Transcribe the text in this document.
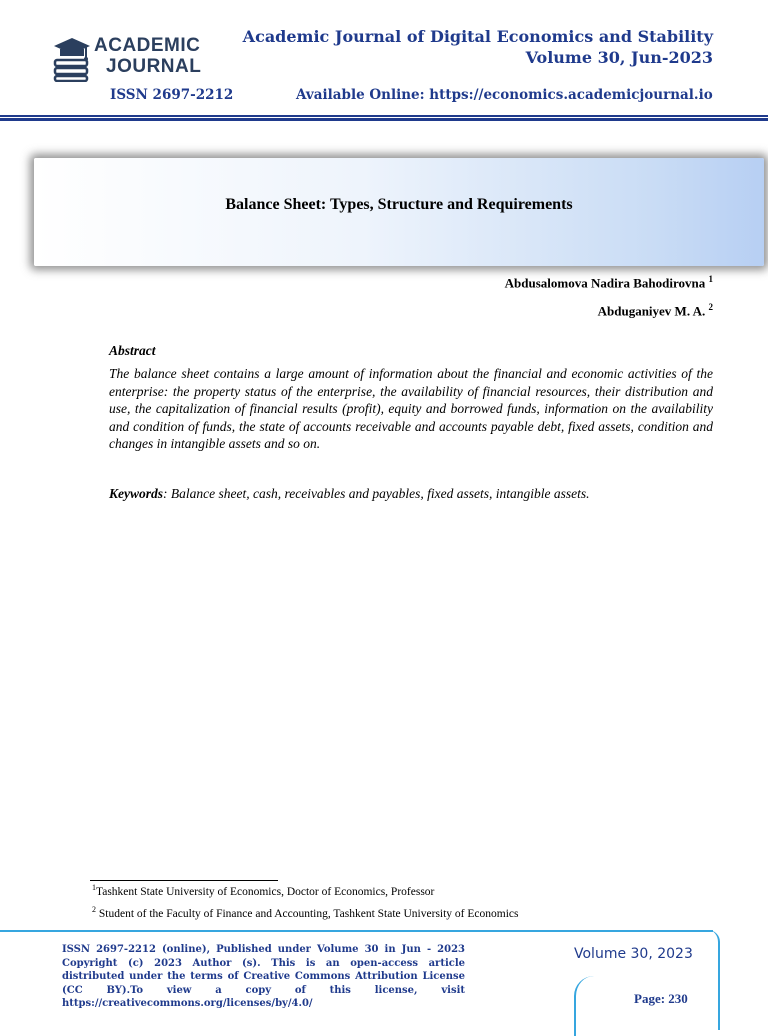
ACADEMIC
JOURNAL
Academic Journal of Digital Economics and Stability
Volume 30, Jun-2023
ISSN 2697-2212	Available Online: https://economics.academicjournal.io
Balance Sheet: Types, Structure and Requirements
Abdusalomova Nadira Bahodirovna $^1$
Abduganiyev M. A. $^2$
Abstract
The balance sheet contains a large amount of information about the financial and economic activities of the enterprise: the property status of the enterprise, the availability of financial resources, their distribution and use, the capitalization of financial results (profit), equity and borrowed funds, information on the availability and condition of funds, the state of accounts receivable and accounts payable debt, fixed assets, condition and changes in intangible assets and so on.
Keywords: Balance sheet, cash, receivables and payables, fixed assets, intangible assets.
$^1$Tashkent State University of Economics, Doctor of Economics, Professor
$^2$ Student of the Faculty of Finance and Accounting, Tashkent State University of Economics
ISSN 2697-2212 (online), Published under Volume 30 in Jun - 2023 Copyright (c) 2023 Author (s). This is an open-access article distributed under the terms of Creative Commons Attribution License (CC BY).To view a copy of this license, visit https://creativecommons.org/licenses/by/4.0/
Volume 30, 2023
Page: 230
